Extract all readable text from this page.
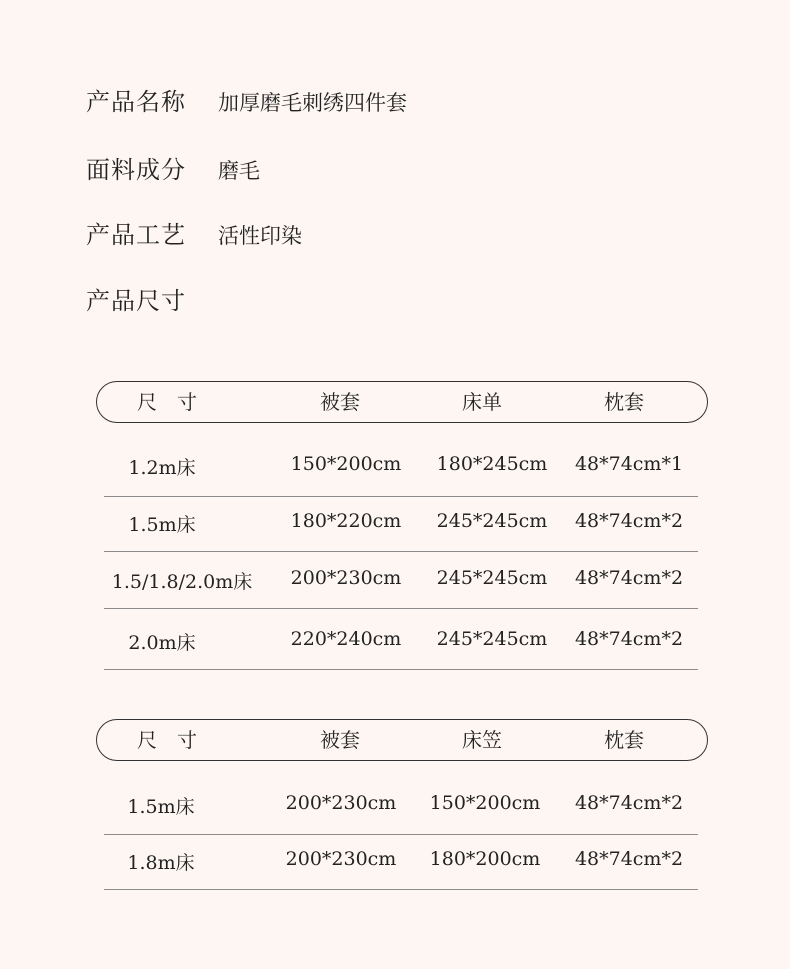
产品名称	加厚磨毛刺绣四件套
面料成分	磨毛
产品工艺	活性印染
产品尺寸
尺　寸	被套	床单	枕套
1.2m床	150*200cm	180*245cm	48*74cm*1
1.5m床	180*220cm	245*245cm	48*74cm*2
1.5/1.8/2.0m床	200*230cm	245*245cm	48*74cm*2
2.0m床	220*240cm	245*245cm	48*74cm*2
尺　寸	被套	床笠	枕套
1.5m床	200*230cm	150*200cm	48*74cm*2
1.8m床	200*230cm	180*200cm	48*74cm*2
